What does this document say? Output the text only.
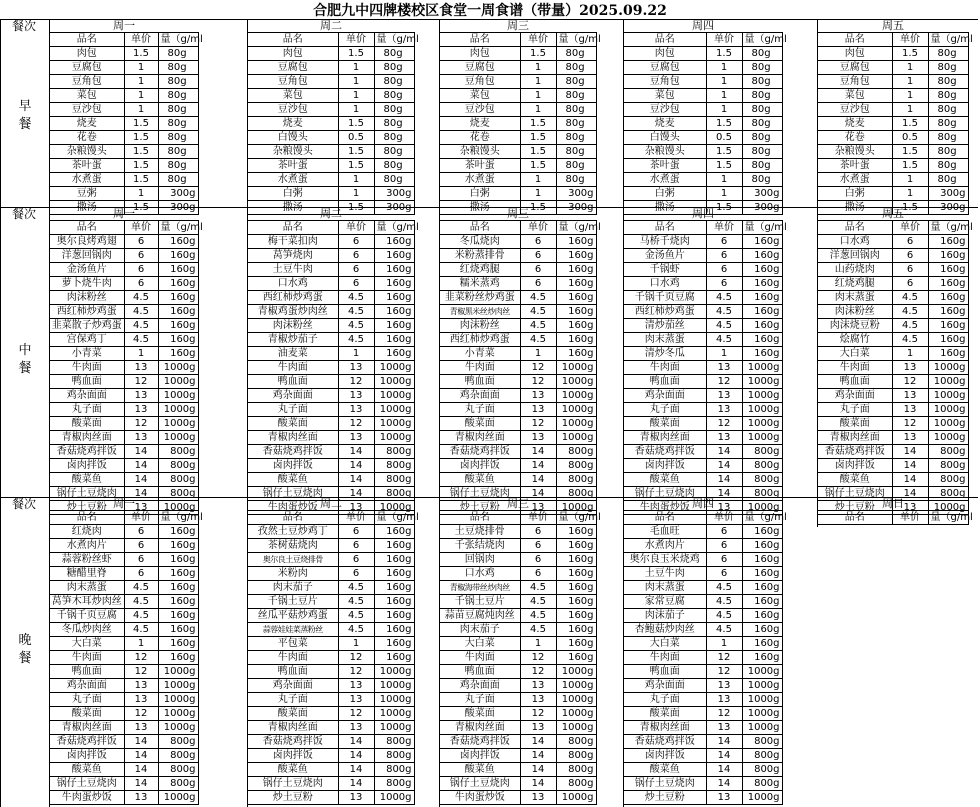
合肥九中四牌楼校区食堂一周食谱（带量）2025.09.22
餐次
早餐
周一		
品名	单价	量（g/ml
肉包	1.5	80g
豆腐包	1	80g
豆角包	1	80g
菜包	1	80g
豆沙包	1	80g
烧麦	1.5	80g
花卷	1.5	80g
杂粮馒头	1.5	80g
茶叶蛋	1.5	80g
水煮蛋	1.5	80g
豆粥	1	300g
撒汤	1.5	300g
周二		
品名	单价	量（g/ml
肉包	1.5	80g
豆腐包	1	80g
豆角包	1	80g
菜包	1	80g
豆沙包	1	80g
烧麦	1.5	80g
白馒头	0.5	80g
杂粮馒头	1.5	80g
茶叶蛋	1.5	80g
水煮蛋	1	80g
白粥	1	300g
撒汤	1.5	300g
周三		
品名	单价	量（g/ml
肉包	1.5	80g
豆腐包	1	80g
豆角包	1	80g
菜包	1	80g
豆沙包	1	80g
烧麦	1.5	80g
花卷	1.5	80g
杂粮馒头	1.5	80g
茶叶蛋	1.5	80g
水煮蛋	1	80g
白粥	1	300g
撒汤	1.5	300g
周四		
品名	单价	量（g/ml
肉包	1.5	80g
豆腐包	1	80g
豆角包	1	80g
菜包	1	80g
豆沙包	1	80g
烧麦	1.5	80g
白馒头	0.5	80g
杂粮馒头	1.5	80g
茶叶蛋	1.5	80g
水煮蛋	1	80g
白粥	1	300g
撒汤	1.5	300g
周五		
品名	单价	量（g/ml
肉包	1.5	80g
豆腐包	1	80g
豆角包	1	80g
菜包	1	80g
豆沙包	1	80g
烧麦	1.5	80g
花卷	0.5	80g
杂粮馒头	1.5	80g
茶叶蛋	1.5	80g
水煮蛋	1	80g
白粥	1	300g
撒汤	1.5	300g
餐次
中餐
周一		
品名	单价	量（g/ml
奥尔良烤鸡翅	6	160g
洋葱回锅肉	6	160g
金汤鱼片	6	160g
萝卜烧牛肉	6	160g
肉沫粉丝	4.5	160g
西红柿炒鸡蛋	4.5	160g
韭菜散子炒鸡蛋	4.5	160g
宫保鸡丁	4.5	160g
小青菜	1	160g
牛肉面	13	1000g
鸭血面	12	1000g
鸡杂面面	13	1000g
丸子面	13	1000g
酸菜面	12	1000g
青椒肉丝面	13	1000g
香菇烧鸡拌饭	14	800g
卤肉拌饭	14	800g
酸菜鱼	14	800g
锅仔土豆烧肉	14	800g
炒土豆粉	13	1000g
周二		
品名	单价	量（g/ml
梅干菜扣肉	6	160g
莴笋烧肉	6	160g
土豆牛肉	6	160g
口水鸡	6	160g
西红柿炒鸡蛋	4.5	160g
青椒鸡蛋炒肉丝	4.5	160g
肉沫粉丝	4.5	160g
青椒炒茄子	4.5	160g
油麦菜	1	160g
牛肉面	13	1000g
鸭血面	12	1000g
鸡杂面面	13	1000g
丸子面	13	1000g
酸菜面	12	1000g
青椒肉丝面	13	1000g
香菇烧鸡拌饭	14	800g
卤肉拌饭	14	800g
酸菜鱼	14	800g
锅仔土豆烧肉	14	800g
牛肉蛋炒饭	13	1000g
周三		
品名	单价	量（g/ml
冬瓜烧肉	6	160g
米粉蒸排骨	6	160g
红烧鸡腿	6	160g
糯米蒸鸡	6	160g
韭菜粉丝炒鸡蛋	4.5	160g
青椒黑米丝炒肉丝	4.5	160g
肉沫粉丝	4.5	160g
西红柿炒鸡蛋	4.5	160g
小青菜	1	160g
牛肉面	12	1000g
鸭血面	12	1000g
鸡杂面面	13	1000g
丸子面	13	1000g
酸菜面	12	1000g
青椒肉丝面	13	1000g
香菇烧鸡拌饭	14	800g
卤肉拌饭	14	800g
酸菜鱼	14	800g
锅仔土豆烧肉	14	800g
炒土豆粉	13	1000g
周四		
品名	单价	量（g/ml
马桥千烧肉	6	160g
金汤鱼片	6	160g
千锅虾	6	160g
口水鸡	6	160g
千锅千页豆腐	4.5	160g
西红柿炒鸡蛋	4.5	160g
清炒茄丝	4.5	160g
肉末蒸蛋	4.5	160g
清炒冬瓜	1	160g
牛肉面	13	1000g
鸭血面	12	1000g
鸡杂面面	13	1000g
丸子面	13	1000g
酸菜面	12	1000g
青椒肉丝面	13	1000g
香菇烧鸡拌饭	14	800g
卤肉拌饭	14	800g
酸菜鱼	14	800g
锅仔土豆烧肉	14	800g
牛肉蛋炒饭	13	1000g
周五		
品名	单价	量（g/ml
口水鸡	6	160g
洋葱回锅肉	6	160g
山药烧肉	6	160g
红烧鸡腿	6	160g
肉末蒸蛋	4.5	160g
肉沫粉丝	4.5	160g
肉沫烧豆粉	4.5	160g
烩腐竹	4.5	160g
大白菜	1	160g
牛肉面	13	1000g
鸭血面	12	1000g
鸡杂面面	13	1000g
丸子面	13	1000g
酸菜面	12	1000g
青椒肉丝面	13	1000g
香菇烧鸡拌饭	14	800g
卤肉拌饭	14	800g
酸菜鱼	14	800g
锅仔土豆烧肉	14	800g
炒土豆粉	13	1000g
餐次
晚餐
周一		
品名	单价	量（g/ml
红烧肉	6	160g
水煮肉片	6	160g
蒜蓉粉丝虾	6	160g
糖醋里脊	6	160g
肉末蒸蛋	4.5	160g
莴笋木耳炒肉丝	4.5	160g
千锅千页豆腐	4.5	160g
冬瓜炒肉丝	4.5	160g
大白菜	1	160g
牛肉面	12	160g
鸭血面	12	1000g
鸡杂面面	13	1000g
丸子面	13	1000g
酸菜面	12	1000g
青椒肉丝面	13	1000g
香菇烧鸡拌饭	14	800g
卤肉拌饭	14	800g
酸菜鱼	14	800g
锅仔土豆烧肉	14	800g
牛肉蛋炒饭	13	1000g
周二		
品名	单价	量（g/ml
孜然土豆炒鸡丁	6	160g
茶树菇烧肉	6	160g
奥尔良土豆烧排骨	6	160g
米粉肉	6	160g
肉末茄子	4.5	160g
千锅土豆片	4.5	160g
丝瓜平菇炒鸡蛋	4.5	160g
蒜蓉娃娃菜蒸粉丝	4.5	160g
平包菜	1	160g
牛肉面	12	160g
鸭血面	12	1000g
鸡杂面面	13	1000g
丸子面	13	1000g
酸菜面	12	1000g
青椒肉丝面	13	1000g
香菇烧鸡拌饭	14	800g
卤肉拌饭	14	800g
酸菜鱼	14	800g
锅仔土豆烧肉	14	800g
炒土豆粉	13	1000g
周三		
品名	单价	量（g/ml
土豆烧排骨	6	160g
千张结烧肉	6	160g
回锅肉	6	160g
口水鸡	6	160g
青椒海带丝炒肉丝	4.5	160g
千锅土豆片	4.5	160g
蒜苗豆腐炖肉丝	4.5	160g
肉末茄子	4.5	160g
大白菜	1	160g
牛肉面	12	160g
鸭血面	12	1000g
鸡杂面面	13	1000g
丸子面	13	1000g
酸菜面	12	1000g
青椒肉丝面	13	1000g
香菇烧鸡拌饭	14	800g
卤肉拌饭	14	800g
酸菜鱼	14	800g
锅仔土豆烧肉	14	800g
牛肉蛋炒饭	13	1000g
周四		
品名	单价	量（g/ml
毛血旺	6	160g
水煮肉片	6	160g
奥尔良玉米烧鸡	6	160g
土豆牛肉	6	160g
肉末蒸蛋	4.5	160g
家常豆腐	4.5	160g
肉沫茄子	4.5	160g
杏鲍菇炒肉丝	4.5	160g
大白菜	1	160g
牛肉面	12	160g
鸭血面	12	1000g
鸡杂面面	13	1000g
丸子面	13	1000g
酸菜面	12	1000g
青椒肉丝面	13	1000g
香菇烧鸡拌饭	14	800g
卤肉拌饭	14	800g
酸菜鱼	14	800g
锅仔土豆烧肉	14	800g
炒土豆粉	13	1000g
周日
品名	单价	量（g/ml
